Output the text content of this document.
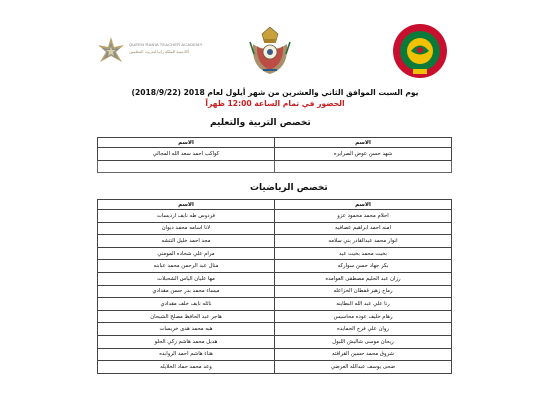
QUEEN RANIA TEACHER ACADEMY
أكاديمية الملكة رانيا لتدريب المعلمين
يوم السبت الموافق الثاني والعشرين من شهر أيلول لعام 2018 (2018/9/22)
الحضور في تمام الساعة 12:00 ظهراً
تخصص التربية والتعليم
الاسم	الاسم
شهد حسن عوض الصرايره	كواكب احمد سعد الله المجالي

تخصص الرياضيات
الاسم	الاسم
احلام محمد محمود عزو	فردوس طه نايف ارديسات
امنه احمد ابراهيم عصافيه	لانا اسامه محمد ديوان
انوار محمد عبدالقادر بني سلامه	مجد احمد خليل النتشه
بخيت محمد بخيت عيد	مرام علي شحاده المومني
بكر جهاد حسن سواركه	منال عبد الرحمن محمد عبابنه
رزان عبد الحليم مصطفى العوامده	مها عليان الياس الشحبلات
رماح زهير قفطان الخزاعله	ميساء محمد بدر حسن مقدادي
رنا علي عبد الله البطاينه	نائله نايف خلف مقدادي
رهام خليف عوده محاسيس	هاجر عبد الحافظ مصلح الشيحان
روان علي فرج الحمايده	هبه محمد هدى خريسات
ريحان موسى شاليش اللبول	هديل محمد هاشم زكي الحلو
شروق محمد حسين القرافته	هناء هاشم احمد الروابده
ضحى يوسف عبدالله العرضي	وعد محمد حماد الخلايله
